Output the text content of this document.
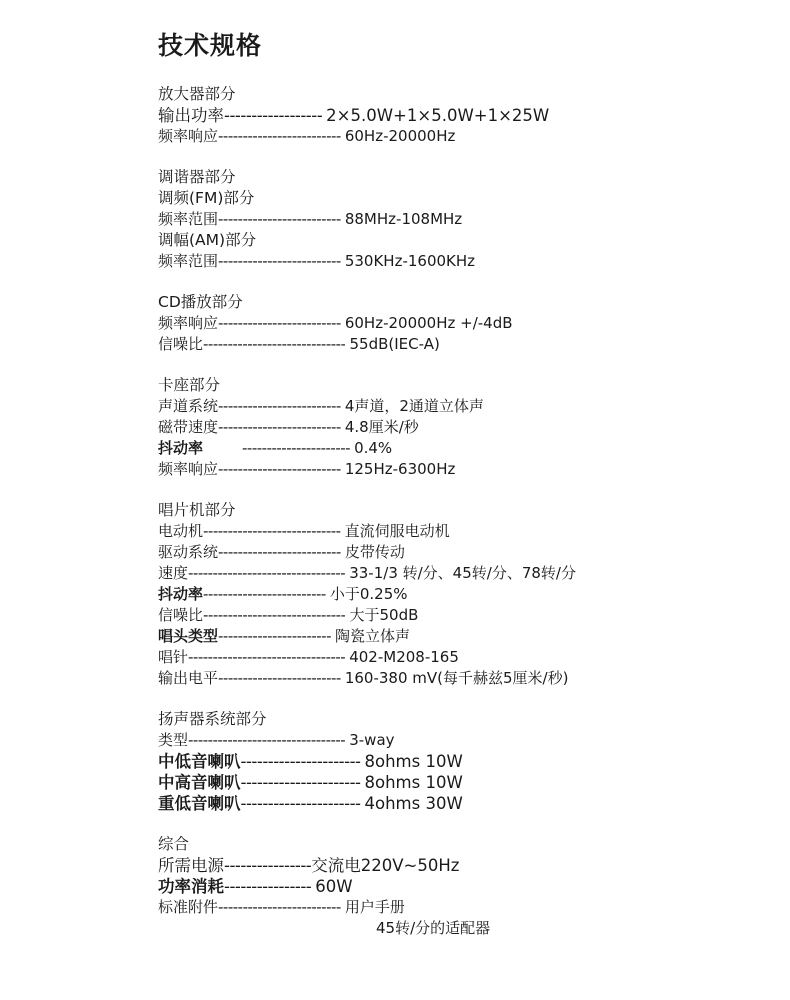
技术规格
放大器部分
输出功率 ------------------ 2×5.0W+1×5.0W+1×25W
频率响应 ------------------------- 60Hz-20000Hz
调谐器部分
调频(FM)部分
频率范围 ------------------------- 88MHz-108MHz
调幅(AM)部分
频率范围 ------------------------- 530KHz-1600KHz
CD播放部分
频率响应 ------------------------- 60Hz-20000Hz +/-4dB
信噪比 ----------------------------- 55dB(IEC-A)
卡座部分
声道系统 ------------------------- 4声道，2通道立体声
磁带速度 ------------------------- 4.8厘米/秒
抖动率	---------------------- 0.4%
频率响应 ------------------------- 125Hz-6300Hz
唱片机部分
电动机 ---------------------------- 直流伺服电动机
驱动系统 ------------------------- 皮带传动
速度 -------------------------------- 33-1/3 转/分、45转/分、78转/分
抖动率 ------------------------- 小于0.25%
信噪比 ----------------------------- 大于50dB
唱头类型 ----------------------- 陶瓷立体声
唱针 -------------------------------- 402-M208-165
输出电平 ------------------------- 160-380 mV(每千赫兹5厘米/秒)
扬声器系统部分
类型 -------------------------------- 3-way
中低音喇叭 ---------------------- 8ohms 10W
中高音喇叭 ---------------------- 8ohms 10W
重低音喇叭 ---------------------- 4ohms 30W
综合
所需电源 ---------------- 交流电220V~50Hz
功率消耗 ---------------- 60W
标准附件 ------------------------- 用户手册
45转/分的适配器
